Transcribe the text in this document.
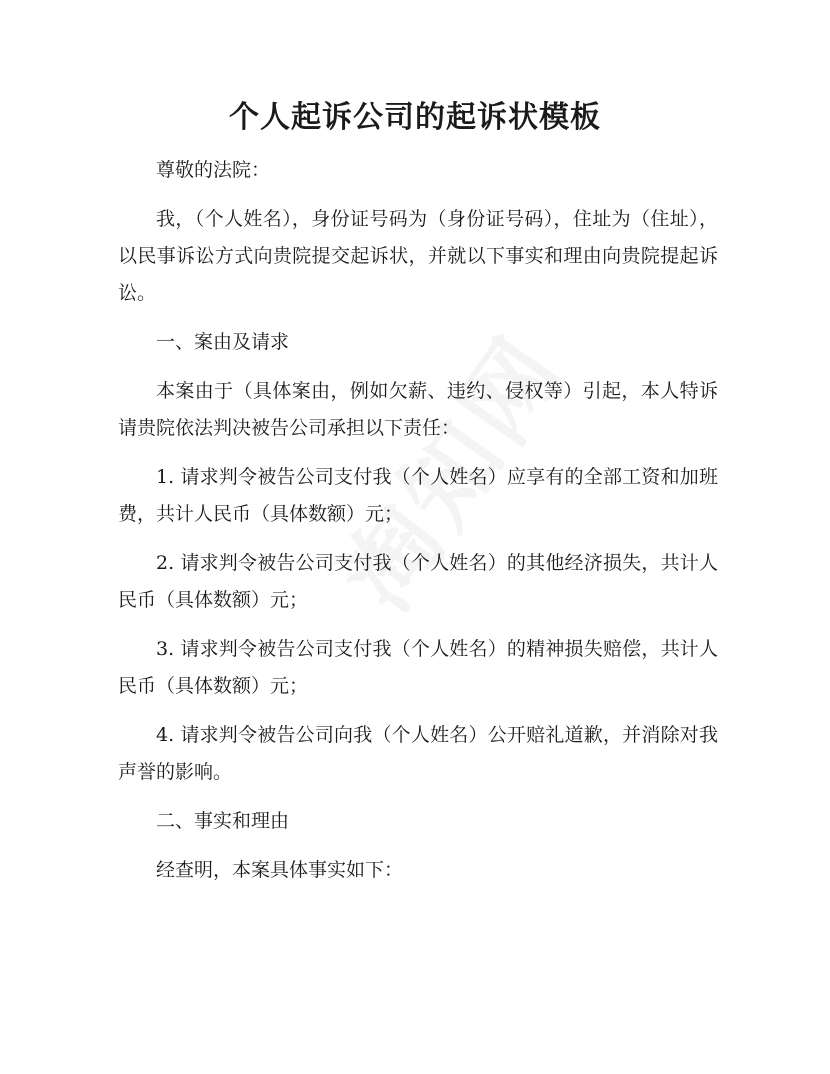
个人起诉公司的起诉状模板

尊敬的法院：

我，（个人姓名），身份证号码为（身份证号码），住址为（住址），以民事诉讼方式向贵院提交起诉状，并就以下事实和理由向贵院提起诉讼。

一、案由及请求

本案由于（具体案由，例如欠薪、违约、侵权等）引起，本人特诉请贵院依法判决被告公司承担以下责任：

1. 请求判令被告公司支付我（个人姓名）应享有的全部工资和加班费，共计人民币（具体数额）元；

2. 请求判令被告公司支付我（个人姓名）的其他经济损失，共计人民币（具体数额）元；

3. 请求判令被告公司支付我（个人姓名）的精神损失赔偿，共计人民币（具体数额）元；

4. 请求判令被告公司向我（个人姓名）公开赔礼道歉，并消除对我声誉的影响。

二、事实和理由

经查明，本案具体事实如下：
